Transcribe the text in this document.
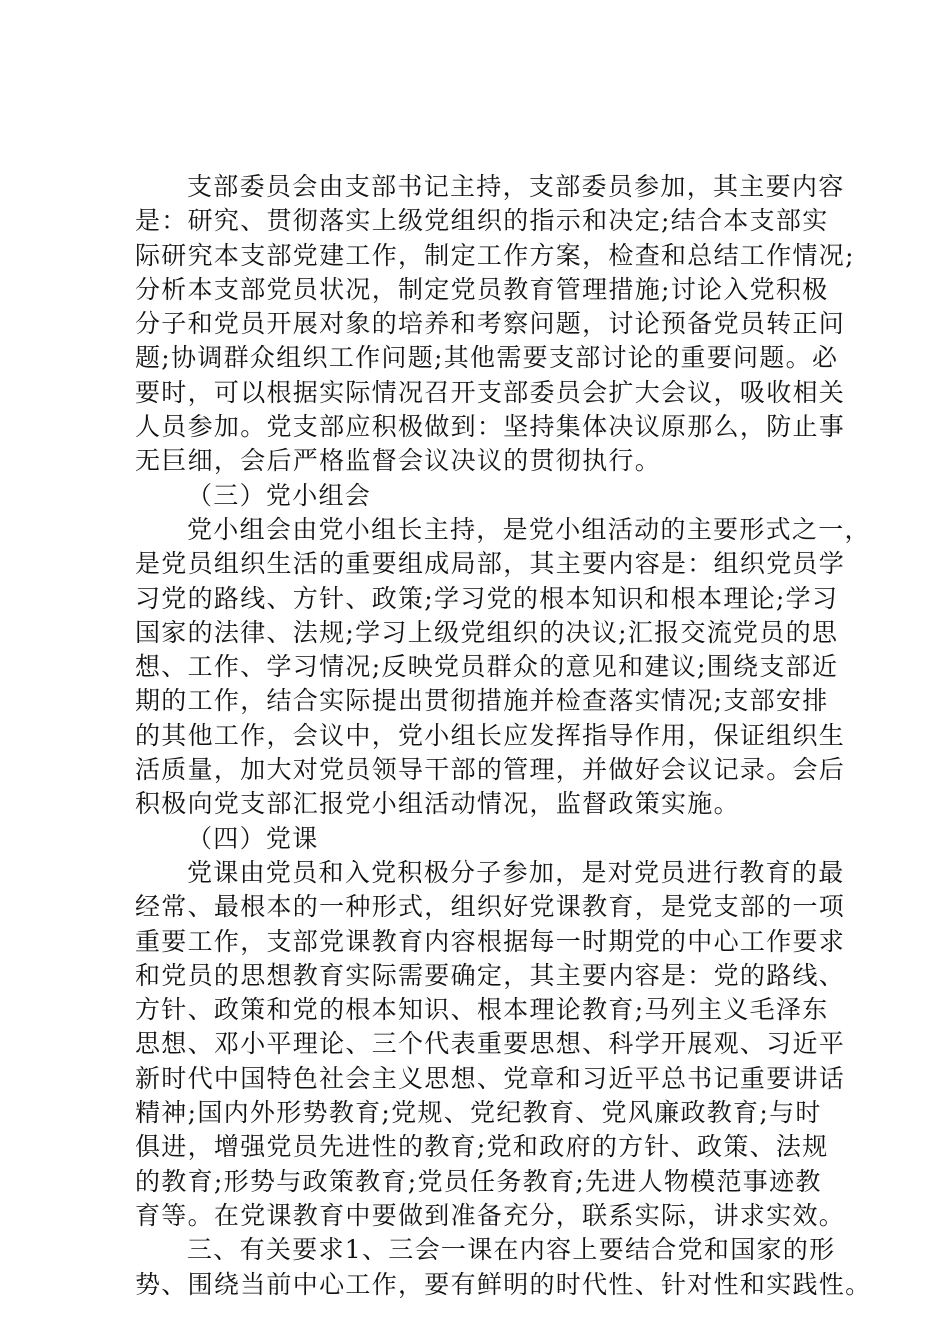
支部委员会由支部书记主持，支部委员参加，其主要内容
是：研究、贯彻落实上级党组织的指示和决定;结合本支部实
际研究本支部党建工作，制定工作方案，检查和总结工作情况;
分析本支部党员状况，制定党员教育管理措施;讨论入党积极
分子和党员开展对象的培养和考察问题，讨论预备党员转正问
题;协调群众组织工作问题;其他需要支部讨论的重要问题。必
要时，可以根据实际情况召开支部委员会扩大会议，吸收相关
人员参加。党支部应积极做到：坚持集体决议原那么，防止事
无巨细，会后严格监督会议决议的贯彻执行。
（三）党小组会
党小组会由党小组长主持，是党小组活动的主要形式之一，
是党员组织生活的重要组成局部，其主要内容是：组织党员学
习党的路线、方针、政策;学习党的根本知识和根本理论;学习
国家的法律、法规;学习上级党组织的决议;汇报交流党员的思
想、工作、学习情况;反映党员群众的意见和建议;围绕支部近
期的工作，结合实际提出贯彻措施并检查落实情况;支部安排
的其他工作，会议中，党小组长应发挥指导作用，保证组织生
活质量，加大对党员领导干部的管理，并做好会议记录。会后
积极向党支部汇报党小组活动情况，监督政策实施。
（四）党课
党课由党员和入党积极分子参加，是对党员进行教育的最
经常、最根本的一种形式，组织好党课教育，是党支部的一项
重要工作，支部党课教育内容根据每一时期党的中心工作要求
和党员的思想教育实际需要确定，其主要内容是：党的路线、
方针、政策和党的根本知识、根本理论教育;马列主义毛泽东
思想、邓小平理论、三个代表重要思想、科学开展观、习近平
新时代中国特色社会主义思想、党章和习近平总书记重要讲话
精神;国内外形势教育;党规、党纪教育、党风廉政教育;与时
俱进，增强党员先进性的教育;党和政府的方针、政策、法规
的教育;形势与政策教育;党员任务教育;先进人物模范事迹教
育等。在党课教育中要做到准备充分，联系实际，讲求实效。
三、有关要求1、三会一课在内容上要结合党和国家的形
势、围绕当前中心工作，要有鲜明的时代性、针对性和实践性。
